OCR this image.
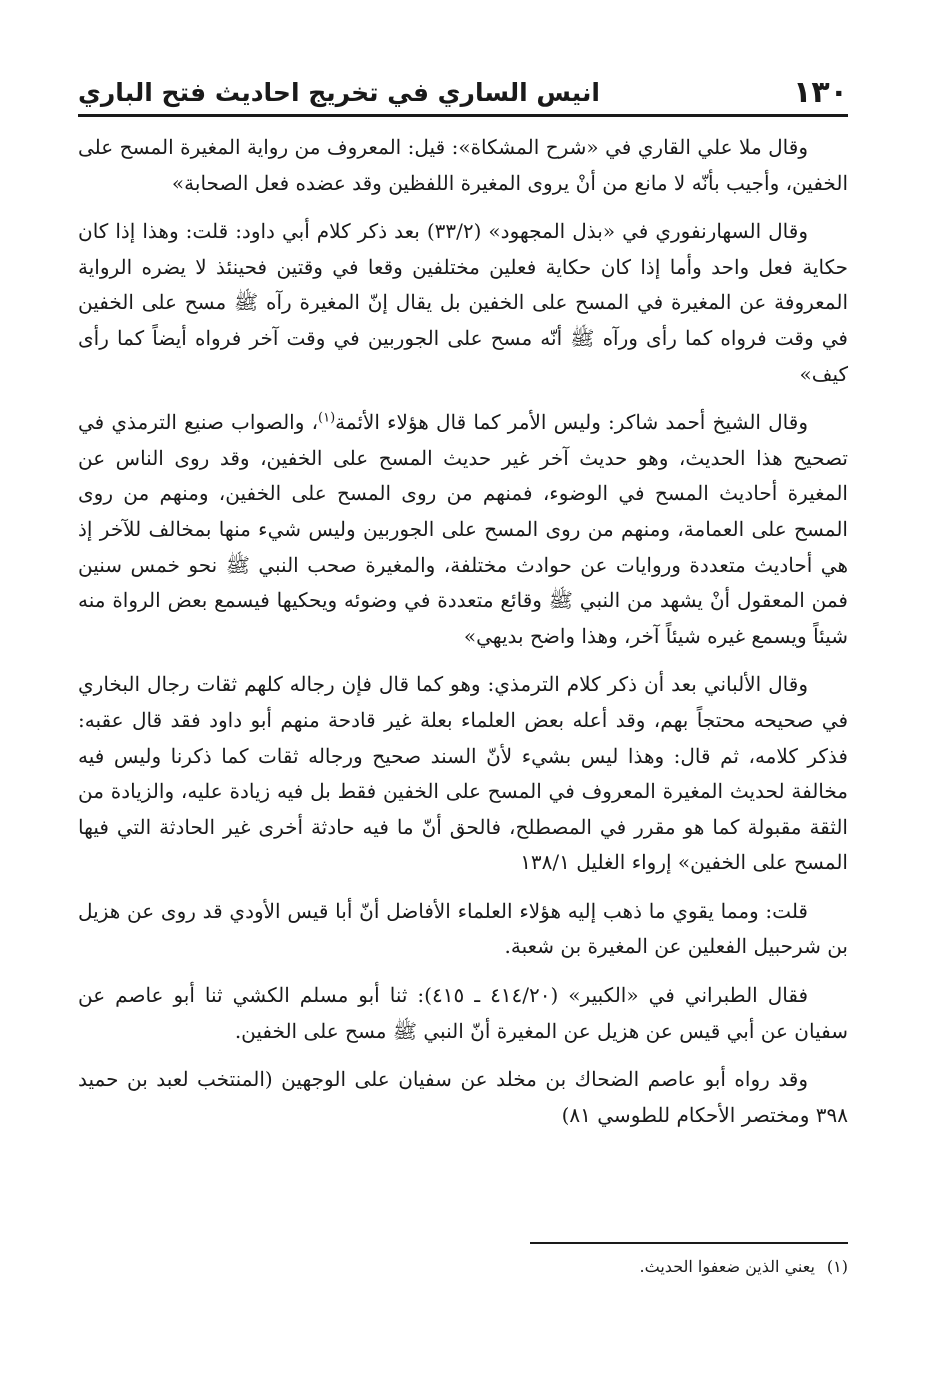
١٣٠
انيس الساري في تخريج احاديث فتح الباري

وقال ملا علي القاري في «شرح المشكاة»: قيل: المعروف من رواية المغيرة المسح على الخفين، وأجيب بأنّه لا مانع من أنْ يروى المغيرة اللفظين وقد عضده فعل الصحابة»

وقال السهارنفوري في «بذل المجهود» (٣٣/٢) بعد ذكر كلام أبي داود: قلت: وهذا إذا كان حكاية فعل واحد وأما إذا كان حكاية فعلين مختلفين وقعا في وقتين فحينئذ لا يضره الرواية المعروفة عن المغيرة في المسح على الخفين بل يقال إنّ المغيرة رآه ﷺ مسح على الخفين في وقت فرواه كما رأى ورآه ﷺ أنّه مسح على الجوربين في وقت آخر فرواه أيضاً كما رأى كيف»

وقال الشيخ أحمد شاكر: وليس الأمر كما قال هؤلاء الأئمة$^{(١)}$، والصواب صنيع الترمذي في تصحيح هذا الحديث، وهو حديث آخر غير حديث المسح على الخفين، وقد روى الناس عن المغيرة أحاديث المسح في الوضوء، فمنهم من روى المسح على الخفين، ومنهم من روى المسح على العمامة، ومنهم من روى المسح على الجوربين وليس شيء منها بمخالف للآخر إذ هي أحاديث متعددة وروايات عن حوادث مختلفة، والمغيرة صحب النبي ﷺ نحو خمس سنين فمن المعقول أنْ يشهد من النبي ﷺ وقائع متعددة في وضوئه ويحكيها فيسمع بعض الرواة منه شيئاً ويسمع غيره شيئاً آخر، وهذا واضح بديهي»

وقال الألباني بعد أن ذكر كلام الترمذي: وهو كما قال فإن رجاله كلهم ثقات رجال البخاري في صحيحه محتجاً بهم، وقد أعله بعض العلماء بعلة غير قادحة منهم أبو داود فقد قال عقبه: فذكر كلامه، ثم قال: وهذا ليس بشيء لأنّ السند صحيح ورجاله ثقات كما ذكرنا وليس فيه مخالفة لحديث المغيرة المعروف في المسح على الخفين فقط بل فيه زيادة عليه، والزيادة من الثقة مقبولة كما هو مقرر في المصطلح، فالحق أنّ ما فيه حادثة أخرى غير الحادثة التي فيها المسح على الخفين» إرواء الغليل ١٣٨/١

قلت: ومما يقوي ما ذهب إليه هؤلاء العلماء الأفاضل أنّ أبا قيس الأودي قد روى عن هزيل بن شرحبيل الفعلين عن المغيرة بن شعبة.

فقال الطبراني في «الكبير» (٤١٤/٢٠ ـ ٤١٥): ثنا أبو مسلم الكشي ثنا أبو عاصم عن سفيان عن أبي قيس عن هزيل عن المغيرة أنّ النبي ﷺ مسح على الخفين.

وقد رواه أبو عاصم الضحاك بن مخلد عن سفيان على الوجهين (المنتخب لعبد بن حميد ٣٩٨ ومختصر الأحكام للطوسي ٨١)

(١)يعني الذين ضعفوا الحديث.
